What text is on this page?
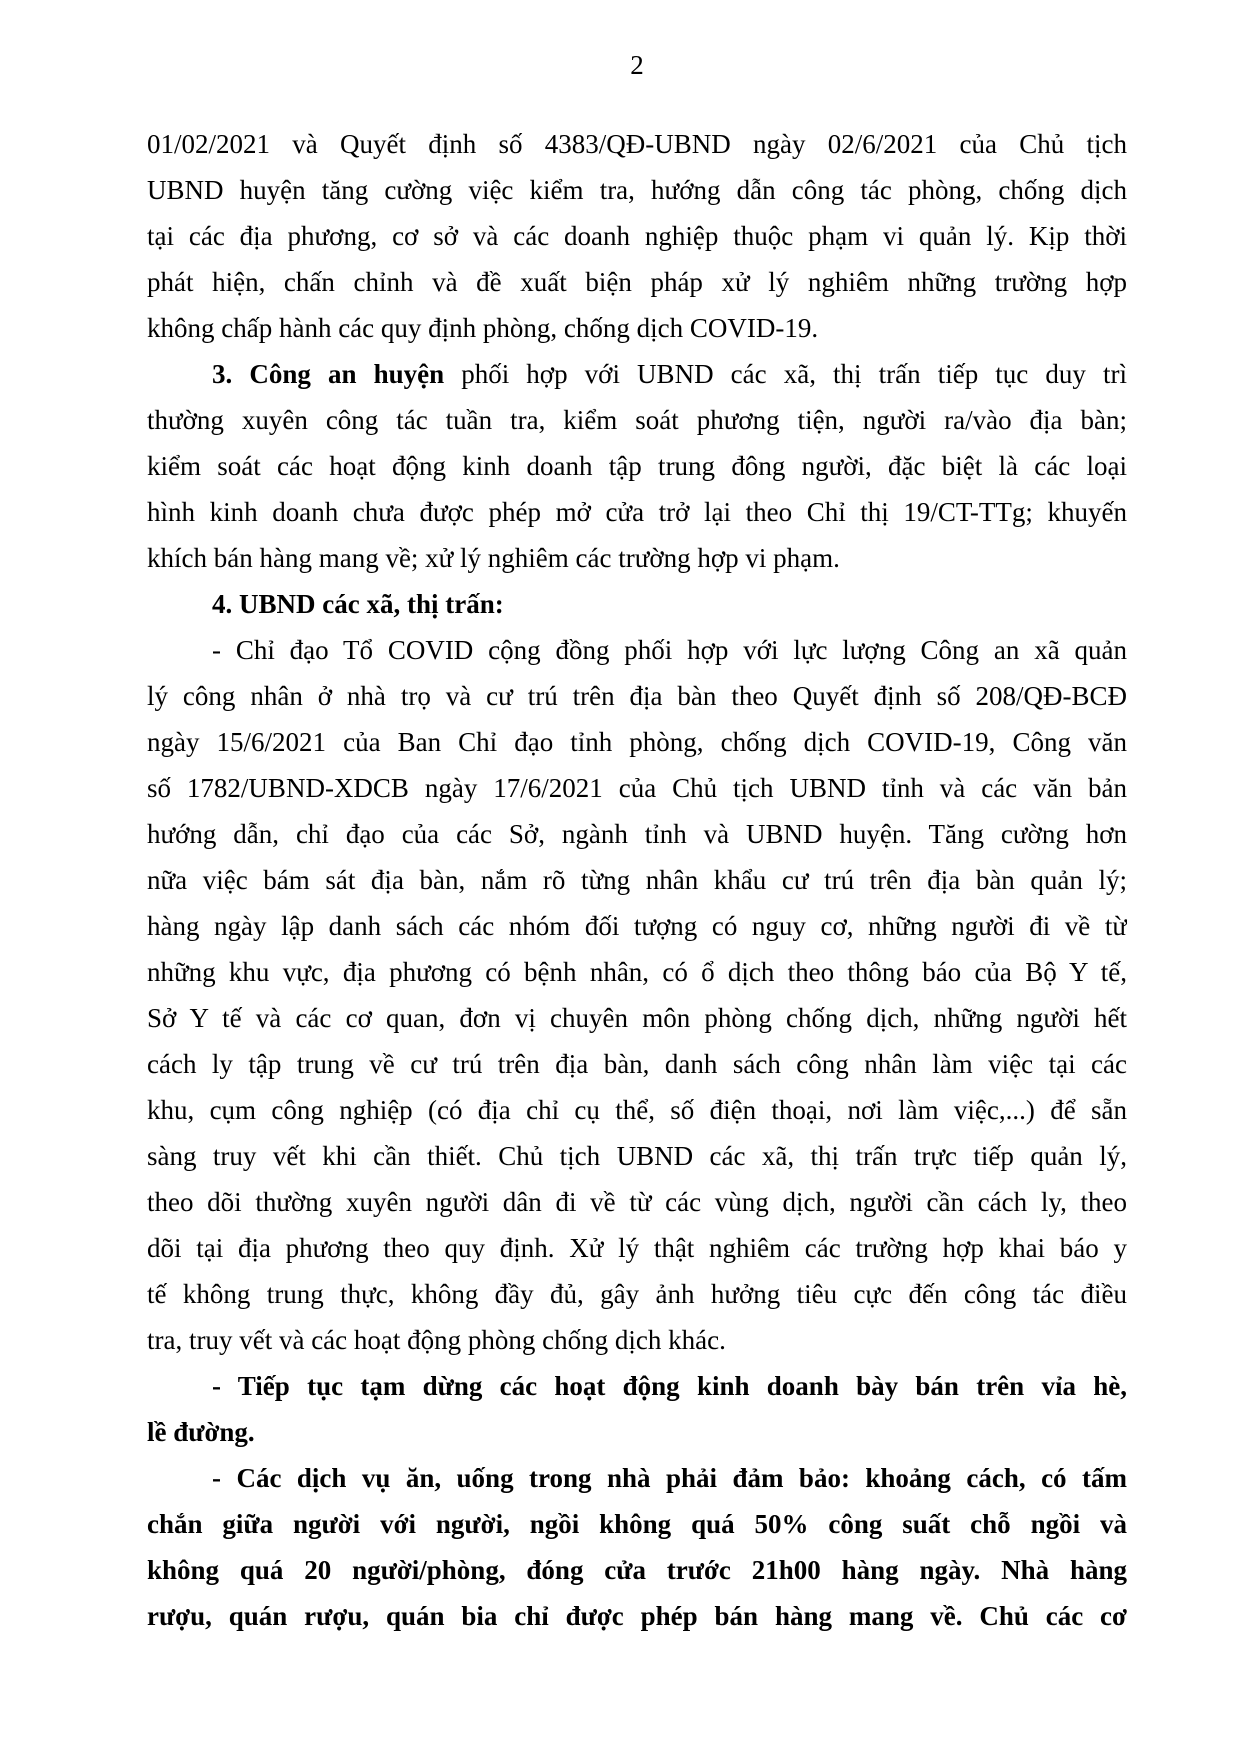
2
01/02/2021 và Quyết định số 4383/QĐ-UBND ngày 02/6/2021 của Chủ tịch
UBND huyện tăng cường việc kiểm tra, hướng dẫn công tác phòng, chống dịch
tại các địa phương, cơ sở và các doanh nghiệp thuộc phạm vi quản lý. Kịp thời
phát hiện, chấn chỉnh và đề xuất biện pháp xử lý nghiêm những trường hợp
không chấp hành các quy định phòng, chống dịch COVID-19.
3. Công an huyện phối hợp với UBND các xã, thị trấn tiếp tục duy trì
thường xuyên công tác tuần tra, kiểm soát phương tiện, người ra/vào địa bàn;
kiểm soát các hoạt động kinh doanh tập trung đông người, đặc biệt là các loại
hình kinh doanh chưa được phép mở cửa trở lại theo Chỉ thị 19/CT-TTg; khuyến
khích bán hàng mang về; xử lý nghiêm các trường hợp vi phạm.
4. UBND các xã, thị trấn:
- Chỉ đạo Tổ COVID cộng đồng phối hợp với lực lượng Công an xã quản
lý công nhân ở nhà trọ và cư trú trên địa bàn theo Quyết định số 208/QĐ-BCĐ
ngày 15/6/2021 của Ban Chỉ đạo tỉnh phòng, chống dịch COVID-19, Công văn
số 1782/UBND-XDCB ngày 17/6/2021 của Chủ tịch UBND tỉnh và các văn bản
hướng dẫn, chỉ đạo của các Sở, ngành tỉnh và UBND huyện. Tăng cường hơn
nữa việc bám sát địa bàn, nắm rõ từng nhân khẩu cư trú trên địa bàn quản lý;
hàng ngày lập danh sách các nhóm đối tượng có nguy cơ, những người đi về từ
những khu vực, địa phương có bệnh nhân, có ổ dịch theo thông báo của Bộ Y tế,
Sở Y tế và các cơ quan, đơn vị chuyên môn phòng chống dịch, những người hết
cách ly tập trung về cư trú trên địa bàn, danh sách công nhân làm việc tại các
khu, cụm công nghiệp (có địa chỉ cụ thể, số điện thoại, nơi làm việc,...) để sẵn
sàng truy vết khi cần thiết. Chủ tịch UBND các xã, thị trấn trực tiếp quản lý,
theo dõi thường xuyên người dân đi về từ các vùng dịch, người cần cách ly, theo
dõi tại địa phương theo quy định. Xử lý thật nghiêm các trường hợp khai báo y
tế không trung thực, không đầy đủ, gây ảnh hưởng tiêu cực đến công tác điều
tra, truy vết và các hoạt động phòng chống dịch khác.
- Tiếp tục tạm dừng các hoạt động kinh doanh bày bán trên vỉa hè,
lề đường.
- Các dịch vụ ăn, uống trong nhà phải đảm bảo: khoảng cách, có tấm
chắn giữa người với người, ngồi không quá 50% công suất chỗ ngồi và
không quá 20 người/phòng, đóng cửa trước 21h00 hàng ngày. Nhà hàng
rượu, quán rượu, quán bia chỉ được phép bán hàng mang về. Chủ các cơ
